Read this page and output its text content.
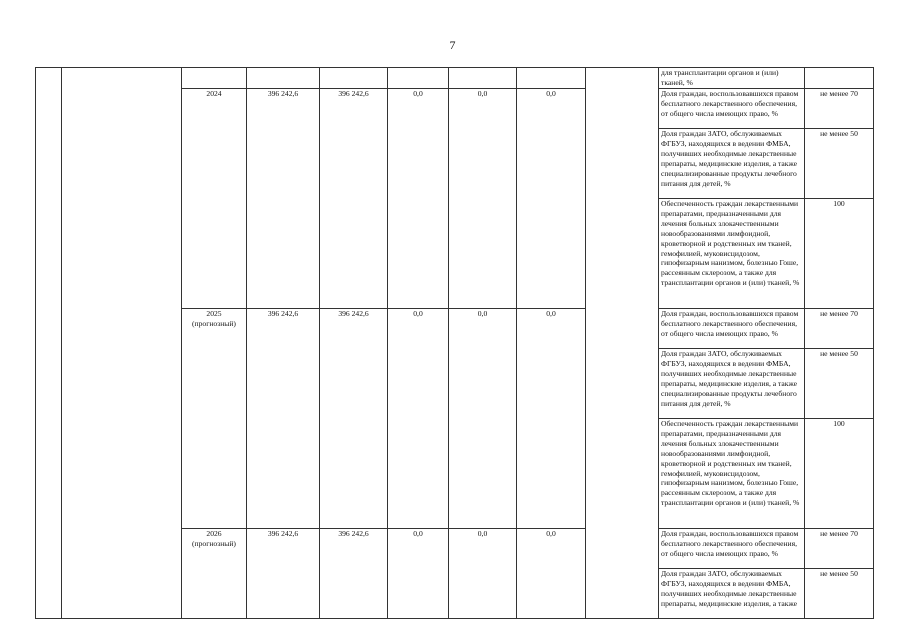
7
									для трансплантации органов и (или) тканей, %	
		2024	396 242,6	396 242,6	0,0	0,0	0,0		Доля граждан, воспользовавшихся правом бесплатного лекарственного обеспечения, от общего числа имеющих право, %	не менее 70
									Доля граждан ЗАТО, обслуживаемых ФГБУЗ, находящихся в ведении ФМБА, получивших необходимые лекарственные препараты, медицинские изделия, а также специализированные продукты лечебного питания для детей, %	не менее 50
									Обеспеченность граждан лекарственными препаратами, предназначенными для лечения больных злокачественными новообразованиями лимфоидной, кроветворной и родственных им тканей, гемофилией, муковисцидозом, гипофизарным нанизмом, болезнью Гоше, рассеянным склерозом, а также для трансплантации органов и (или) тканей, %	100
		2025 (прогнозный)	396 242,6	396 242,6	0,0	0,0	0,0		Доля граждан, воспользовавшихся правом бесплатного лекарственного обеспечения, от общего числа имеющих право, %	не менее 70
									Доля граждан ЗАТО, обслуживаемых ФГБУЗ, находящихся в ведении ФМБА, получивших необходимые лекарственные препараты, медицинские изделия, а также специализированные продукты лечебного питания для детей, %	не менее 50
									Обеспеченность граждан лекарственными препаратами, предназначенными для лечения больных злокачественными новообразованиями лимфоидной, кроветворной и родственных им тканей, гемофилией, муковисцидозом, гипофизарным нанизмом, болезнью Гоше, рассеянным склерозом, а также для трансплантации органов и (или) тканей, %	100
		2026 (прогнозный)	396 242,6	396 242,6	0,0	0,0	0,0		Доля граждан, воспользовавшихся правом бесплатного лекарственного обеспечения, от общего числа имеющих право, %	не менее 70
									Доля граждан ЗАТО, обслуживаемых ФГБУЗ, находящихся в ведении ФМБА, получивших необходимые лекарственные препараты, медицинские изделия, а также	не менее 50
